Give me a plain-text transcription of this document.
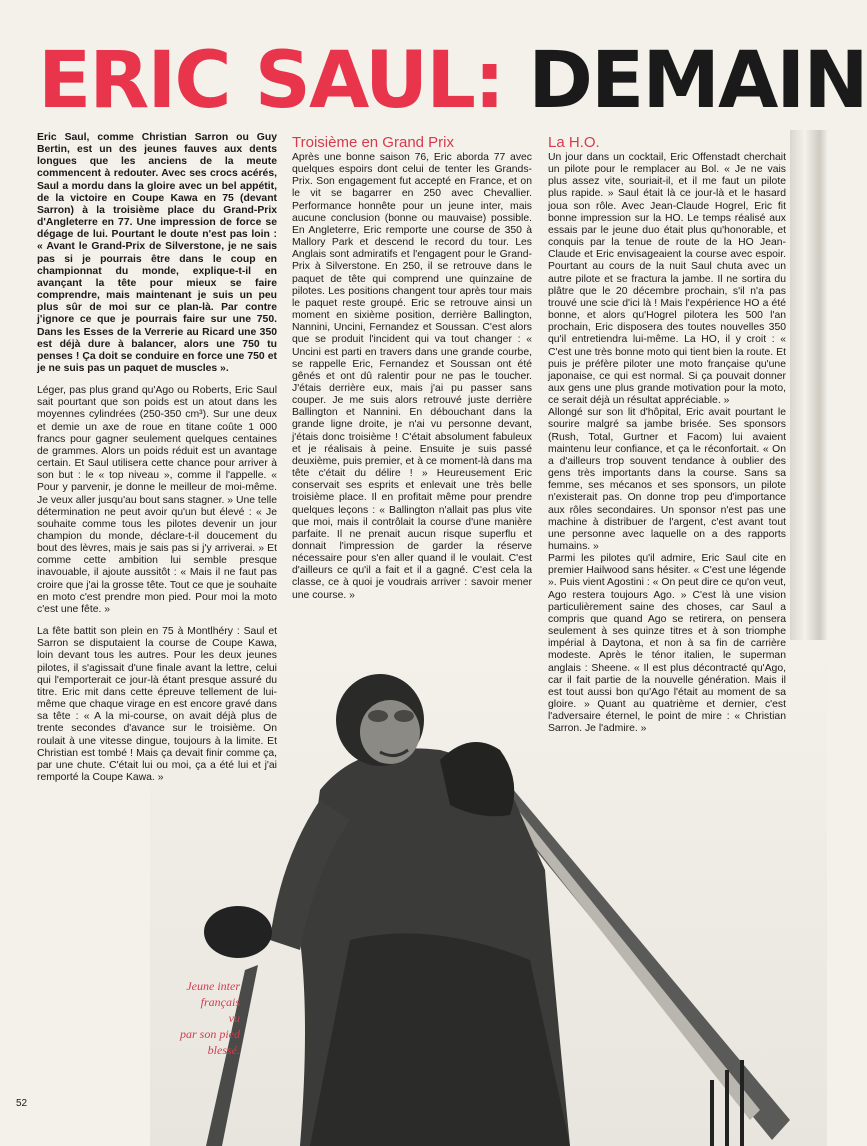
ERIC SAUL: DEMAIN

Eric Saul, comme Christian Sarron ou Guy Bertin, est un des jeunes fauves aux dents longues que les anciens de la meute commencent à redouter. Avec ses crocs acérés, Saul a mordu dans la gloire avec un bel appétit, de la victoire en Coupe Kawa en 75 (devant Sarron) à la troisième place du Grand-Prix d'Angleterre en 77. Une impression de force se dégage de lui. Pourtant le doute n'est pas loin : « Avant le Grand-Prix de Silverstone, je ne sais pas si je pourrais être dans le coup en championnat du monde, explique-t-il en avançant la tête pour mieux se faire comprendre, mais maintenant je suis un peu plus sûr de moi sur ce plan-là. Par contre j'ignore ce que je pourrais faire sur une 750. Dans les Esses de la Verrerie au Ricard une 350 est déjà dure à balancer, alors une 750 tu penses ! Ça doit se conduire en force une 750 et je ne suis pas un paquet de muscles ».

Léger, pas plus grand qu'Ago ou Roberts, Eric Saul sait pourtant que son poids est un atout dans les moyennes cylindrées (250-350 cm³). Sur une deux et demie un axe de roue en titane coûte 1 000 francs pour gagner seulement quelques centaines de grammes. Alors un poids réduit est un avantage certain. Et Saul utilisera cette chance pour arriver à son but : le « top niveau », comme il l'appelle. « Pour y parvenir, je donne le meilleur de moi-même. Je veux aller jusqu'au bout sans stagner. » Une telle détermination ne peut avoir qu'un but élevé : « Je souhaite comme tous les pilotes devenir un jour champion du monde, déclare-t-il doucement du bout des lèvres, mais je sais pas si j'y arriverai. » Et comme cette ambition lui semble presque inavouable, il ajoute aussitôt : « Mais il ne faut pas croire que j'ai la grosse tête. Tout ce que je souhaite en moto c'est prendre mon pied. Pour moi la moto c'est une fête. »

La fête battit son plein en 75 à Montlhéry : Saul et Sarron se disputaient la course de Coupe Kawa, loin devant tous les autres. Pour les deux jeunes pilotes, il s'agissait d'une finale avant la lettre, celui qui l'emporterait ce jour-là étant presque assuré du titre. Eric mit dans cette épreuve tellement de lui-même que chaque virage en est encore gravé dans sa tête : « A la mi-course, on avait déjà plus de trente secondes d'avance sur le troisième. On roulait à une vitesse dingue, toujours à la limite. Et Christian est tombé ! Mais ça devait finir comme ça, par une chute. C'était lui ou moi, ça a été lui et j'ai remporté la Coupe Kawa. »

Troisième en Grand Prix

Après une bonne saison 76, Eric aborda 77 avec quelques espoirs dont celui de tenter les Grands-Prix. Son engagement fut accepté en France, et on le vit se bagarrer en 250 avec Chevallier. Performance honnête pour un jeune inter, mais aucune conclusion (bonne ou mauvaise) possible. En Angleterre, Eric remporte une course de 350 à Mallory Park et descend le record du tour. Les Anglais sont admiratifs et l'engagent pour le Grand-Prix à Silverstone. En 250, il se retrouve dans le paquet de tête qui comprend une quinzaine de pilotes. Les positions changent tour après tour mais le paquet reste groupé. Eric se retrouve ainsi un moment en sixième position, derrière Ballington, Nannini, Uncini, Fernandez et Soussan. C'est alors que se produit l'incident qui va tout changer : « Uncini est parti en travers dans une grande courbe, se rappelle Eric, Fernandez et Soussan ont été gênés et ont dû ralentir pour ne pas le toucher. J'étais derrière eux, mais j'ai pu passer sans couper. Je me suis alors retrouvé juste derrière Ballington et Nannini. En débouchant dans la grande ligne droite, je n'ai vu personne devant, j'étais donc troisième ! C'était absolument fabuleux et je réalisais à peine. Ensuite je suis passé deuxième, puis premier, et à ce moment-là dans ma tête c'était du délire ! » Heureusement Eric conservait ses esprits et enlevait une très belle troisième place. Il en profitait même pour prendre quelques leçons : « Ballington n'allait pas plus vite que moi, mais il contrôlait la course d'une manière parfaite. Il ne prenait aucun risque superflu et donnait l'impression de garder la réserve nécessaire pour s'en aller quand il le voulait. C'est d'ailleurs ce qu'il a fait et il a gagné. C'est cela la classe, ce à quoi je voudrais arriver : savoir mener une course. »

La H.O.

Un jour dans un cocktail, Eric Offenstadt cherchait un pilote pour le remplacer au Bol. « Je ne vais plus assez vite, souriait-il, et il me faut un pilote plus rapide. » Saul était là ce jour-là et le hasard joua son rôle. Avec Jean-Claude Hogrel, Eric fit bonne impression sur la HO. Le temps réalisé aux essais par le jeune duo était plus qu'honorable, et conquis par la tenue de route de la HO Jean-Claude et Eric envisageaient la course avec espoir. Pourtant au cours de la nuit Saul chuta avec un autre pilote et se fractura la jambe. Il ne sortira du plâtre que le 20 décembre prochain, s'il n'a pas trouvé une scie d'ici là ! Mais l'expérience HO a été bonne, et alors qu'Hogrel pilotera les 500 l'an prochain, Eric disposera des toutes nouvelles 350 qu'il entretiendra lui-même. La HO, il y croit : « C'est une très bonne moto qui tient bien la route. Et puis je préfère piloter une moto française qu'une japonaise, ce qui est normal. Si ça pouvait donner aux gens une plus grande motivation pour la moto, ce serait déjà un résultat appréciable. »

Allongé sur son lit d'hôpital, Eric avait pourtant le sourire malgré sa jambe brisée. Ses sponsors (Rush, Total, Gurtner et Facom) lui avaient maintenu leur confiance, et ça le réconfortait. « On a d'ailleurs trop souvent tendance à oublier des gens très importants dans la course. Sans sa femme, ses mécanos et ses sponsors, un pilote n'existerait pas. On donne trop peu d'importance aux rôles secondaires. Un sponsor n'est pas une machine à distribuer de l'argent, c'est avant tout une personne avec laquelle on a des rapports humains. »

Parmi les pilotes qu'il admire, Eric Saul cite en premier Hailwood sans hésiter. « C'est une légende ». Puis vient Agostini : « On peut dire ce qu'on veut, Ago restera toujours Ago. » C'est là une vision particulièrement saine des choses, car Saul a compris que quand Ago se retirera, on pensera seulement à ses quinze titres et à son triomphe impérial à Daytona, et non à sa fin de carrière modeste. Après le ténor italien, le superman anglais : Sheene. « Il est plus décontracté qu'Ago, car il fait partie de la nouvelle génération. Mais il est tout aussi bon qu'Ago l'était au moment de sa gloire. » Quant au quatrième et dernier, c'est l'adversaire éternel, le point de mire : « Christian Sarron. Je l'admire. »

Jeune inter
français
vu
par son pied
blessé.
52
